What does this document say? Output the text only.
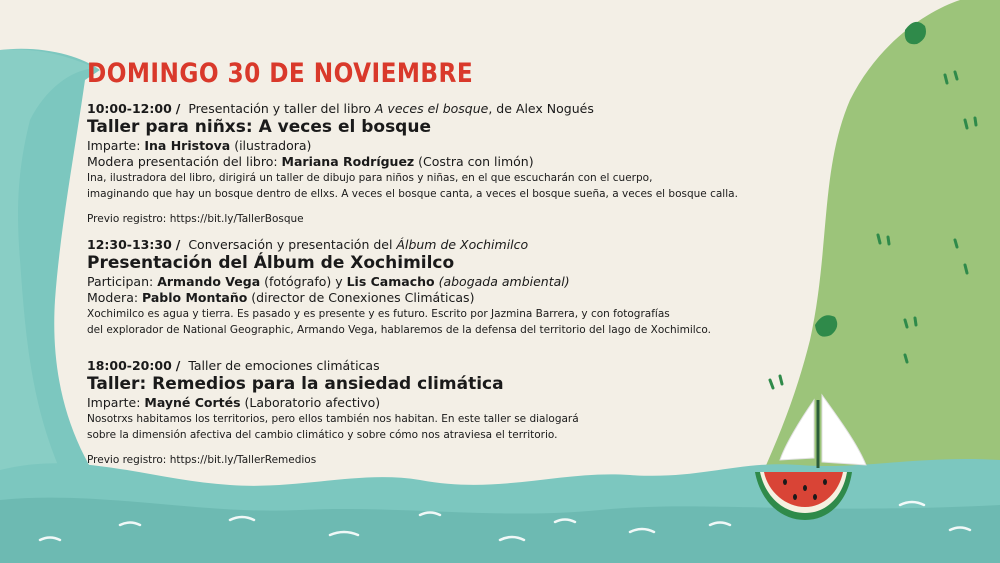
DOMINGO 30 DE NOVIEMBRE
10:00-12:00 / Presentación y taller del libro A veces el bosque, de Alex Nogués
Taller para niñxs: A veces el bosque
Imparte: Ina Hristova (ilustradora)
Modera presentación del libro: Mariana Rodríguez (Costra con limón)
Ina, ilustradora del libro, dirigirá un taller de dibujo para niños y niñas, en el que escucharán con el cuerpo,
imaginando que hay un bosque dentro de ellxs. A veces el bosque canta, a veces el bosque sueña, a veces el bosque calla.
Previo registro: https://bit.ly/TallerBosque
12:30-13:30 / Conversación y presentación del Álbum de Xochimilco
Presentación del Álbum de Xochimilco
Participan: Armando Vega (fotógrafo) y Lis Camacho (abogada ambiental)
Modera: Pablo Montaño (director de Conexiones Climáticas)
Xochimilco es agua y tierra. Es pasado y es presente y es futuro. Escrito por Jazmina Barrera, y con fotografías
del explorador de National Geographic, Armando Vega, hablaremos de la defensa del territorio del lago de Xochimilco.
18:00-20:00 / Taller de emociones climáticas
Taller: Remedios para la ansiedad climática
Imparte: Mayné Cortés (Laboratorio afectivo)
Nosotrxs habitamos los territorios, pero ellos también nos habitan. En este taller se dialogará
sobre la dimensión afectiva del cambio climático y sobre cómo nos atraviesa el territorio.
Previo registro: https://bit.ly/TallerRemedios
